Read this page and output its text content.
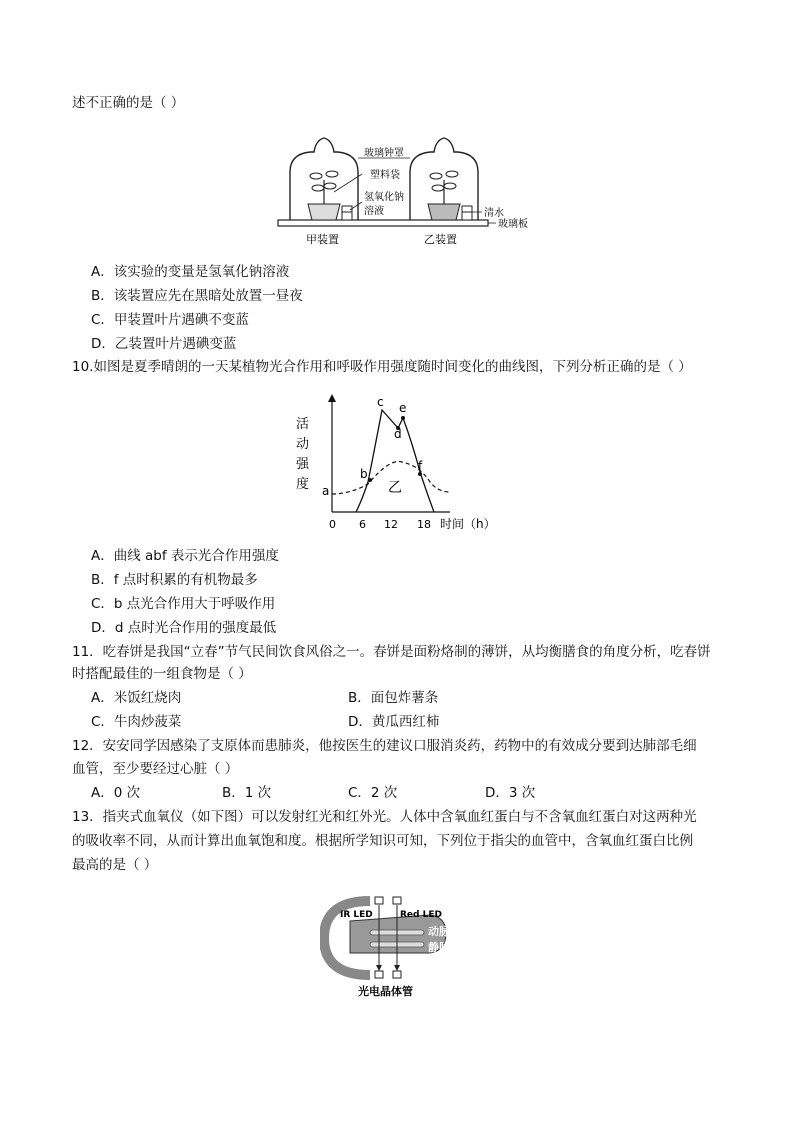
述不正确的是（ ）
玻璃钟罩
塑料袋
氢氧化钠
溶液	清水
玻璃板
甲装置	乙装置
A．该实验的变量是氢氧化钠溶液
B．该装置应先在黑暗处放置一昼夜
C．甲装置叶片遇碘不变蓝
D．乙装置叶片遇碘变蓝
10.如图是夏季晴朗的一天某植物光合作用和呼吸作用强度随时间变化的曲线图，下列分析正确的是（ ）
活
动
强
度 a
b
c
d
e
f
乙
0 6 12 18 时间（h）
A．曲线 abf 表示光合作用强度
B．f 点时积累的有机物最多
C．b 点光合作用大于呼吸作用
D．d 点时光合作用的强度最低
11．吃春饼是我国“立春”节气民间饮食风俗之一。春饼是面粉烙制的薄饼，从均衡膳食的角度分析，吃春饼
时搭配最佳的一组食物是（ ）
A．米饭红烧肉	B．面包炸薯条
C．牛肉炒菠菜	D．黄瓜西红柿
12．安安同学因感染了支原体而患肺炎，他按医生的建议口服消炎药，药物中的有效成分要到达肺部毛细
血管，至少要经过心脏（ ）
A．0 次	B．1 次	C．2 次	D．3 次
13．指夹式血氧仪（如下图）可以发射红光和红外光。人体中含氧血红蛋白与不含氧血红蛋白对这两种光
的吸收率不同，从而计算出血氧饱和度。根据所学知识可知，下列位于指尖的血管中，含氧血红蛋白比例
最高的是（ ）
IR LED	Red LED
动脉
静脉
光电晶体管
